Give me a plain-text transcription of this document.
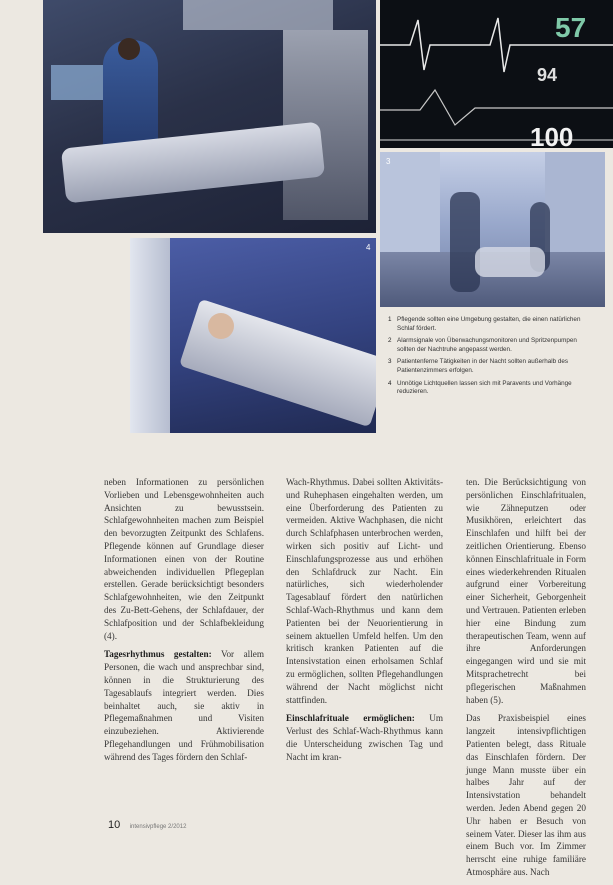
57
94
100
3
4
1 Pflegende sollten eine Umgebung gestalten, die einen natürlichen Schlaf fördert.
2 Alarmsignale von Überwachungsmonitoren und Spritzenpumpen sollten der Nachtruhe angepasst werden.
3 Patientenferne Tätigkeiten in der Nacht sollten außerhalb des Patientenzimmers erfolgen.
4 Unnötige Lichtquellen lassen sich mit Paravents und Vorhänge reduzieren.

neben Informationen zu persönlichen Vorlieben und Lebensgewohnheiten auch Ansichten zu bewusstsein. Schlafgewohnheiten machen zum Beispiel den bevorzugten Zeitpunkt des Schlafens. Pflegende können auf Grundlage dieser Informationen einen von der Routine abweichenden individuellen Pflegeplan erstellen. Gerade berücksichtigt besonders Schlafgewohnheiten, wie den Zeitpunkt des Zu-Bett-Gehens, der Schlafdauer, der Schlafposition und der Schlafbekleidung (4).

Tagesrhythmus gestalten: Vor allem Personen, die wach und ansprechbar sind, können in die Strukturierung des Tagesablaufs integriert werden. Dies beinhaltet auch, sie aktiv in Pflegemaßnahmen und Visiten einzubeziehen. Aktivierende Pflegehandlungen und Frühmobilisation während des Tages fördern den Schlaf-

Wach-Rhythmus. Dabei sollten Aktivitäts- und Ruhephasen eingehalten werden, um eine Überforderung des Patienten zu vermeiden. Aktive Wachphasen, die nicht durch Schlafphasen unterbrochen werden, wirken sich positiv auf Licht- und Einschlafungsprozesse aus und erhöhen den Schlafdruck zur Nacht. Ein natürliches, sich wiederholender Tagesablauf fördert den natürlichen Schlaf-Wach-Rhythmus und kann dem Patienten bei der Neuorientierung in seinem aktuellen Umfeld helfen. Um den kritisch kranken Patienten auf die Intensivstation einen erholsamen Schlaf zu ermöglichen, sollten Pflegehandlungen während der Nacht möglichst nicht stattfinden.

Einschlafrituale ermöglichen: Um Verlust des Schlaf-Wach-Rhythmus kann die Unterscheidung zwischen Tag und Nacht im kran-

ten. Die Berücksichtigung von persönlichen Einschlafritualen, wie Zähneputzen oder Musikhören, erleichtert das Einschlafen und hilft bei der zeitlichen Orientierung. Ebenso können Einschlafrituale in Form eines wiederkehrenden Ritualen aufgrund einer Vorbereitung einer Sicherheit, Geborgenheit und Vertrauen. Patienten erleben hier eine Bindung zum therapeutischen Team, wenn auf ihre Anforderungen eingegangen wird und sie mit Mitsprachetrecht bei pflegerischen Maßnahmen haben (5).

Das Praxisbeispiel eines langzeit intensivpflichtigen Patienten belegt, dass Rituale das Einschlafen fördern. Der junge Mann musste über ein halbes Jahr auf der Intensivstation behandelt werden. Jeden Abend gegen 20 Uhr haben er Besuch von seinem Vater. Dieser las ihm aus einem Buch vor. Im Zimmer herrscht eine ruhige familiäre Atmosphäre aus. Nach

10 intensivpflege 2/2012
